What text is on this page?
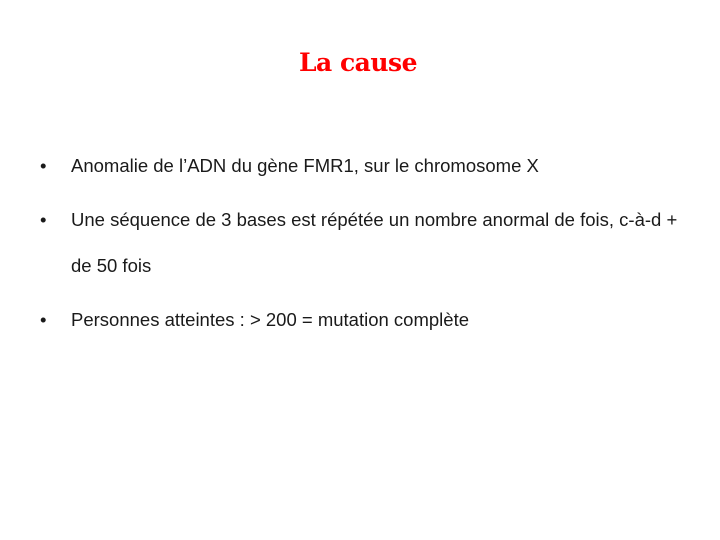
La cause
•	Anomalie de l’ADN du gène FMR1, sur le chromosome X
•	Une séquence de 3 bases est répétée un nombre anormal de fois, c-à-d + de 50 fois
•	Personnes atteintes : > 200 = mutation complète
